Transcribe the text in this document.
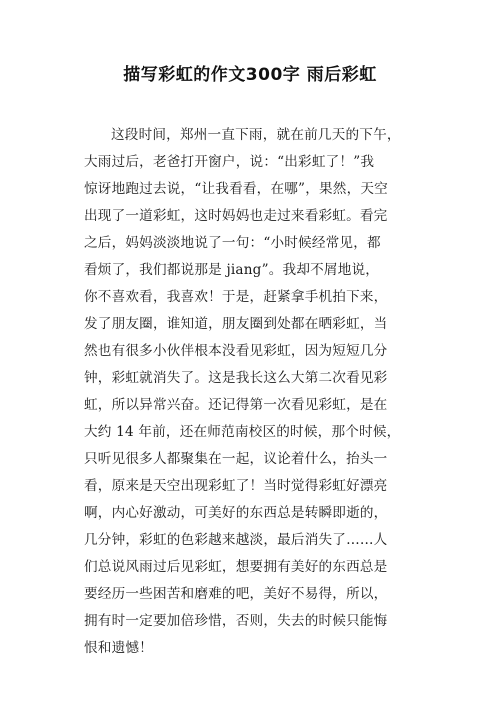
描写彩虹的作文300字 雨后彩虹
这段时间，郑州一直下雨，就在前几天的下午，
大雨过后，老爸打开窗户，说：“出彩虹了！”我
惊讶地跑过去说，“让我看看，在哪”，果然，天空
出现了一道彩虹，这时妈妈也走过来看彩虹。看完
之后，妈妈淡淡地说了一句：“小时候经常见，都
看烦了，我们都说那是 jiang”。我却不屑地说，
你不喜欢看，我喜欢！于是，赶紧拿手机拍下来，
发了朋友圈，谁知道，朋友圈到处都在晒彩虹，当
然也有很多小伙伴根本没看见彩虹，因为短短几分
钟，彩虹就消失了。这是我长这么大第二次看见彩
虹，所以异常兴奋。还记得第一次看见彩虹，是在
大约 14 年前，还在师范南校区的时候，那个时候，
只听见很多人都聚集在一起，议论着什么，抬头一
看，原来是天空出现彩虹了！当时觉得彩虹好漂亮
啊，内心好激动，可美好的东西总是转瞬即逝的，
几分钟，彩虹的色彩越来越淡，最后消失了……人
们总说风雨过后见彩虹，想要拥有美好的东西总是
要经历一些困苦和磨难的吧，美好不易得，所以，
拥有时一定要加倍珍惜，否则，失去的时候只能悔
恨和遗憾！
